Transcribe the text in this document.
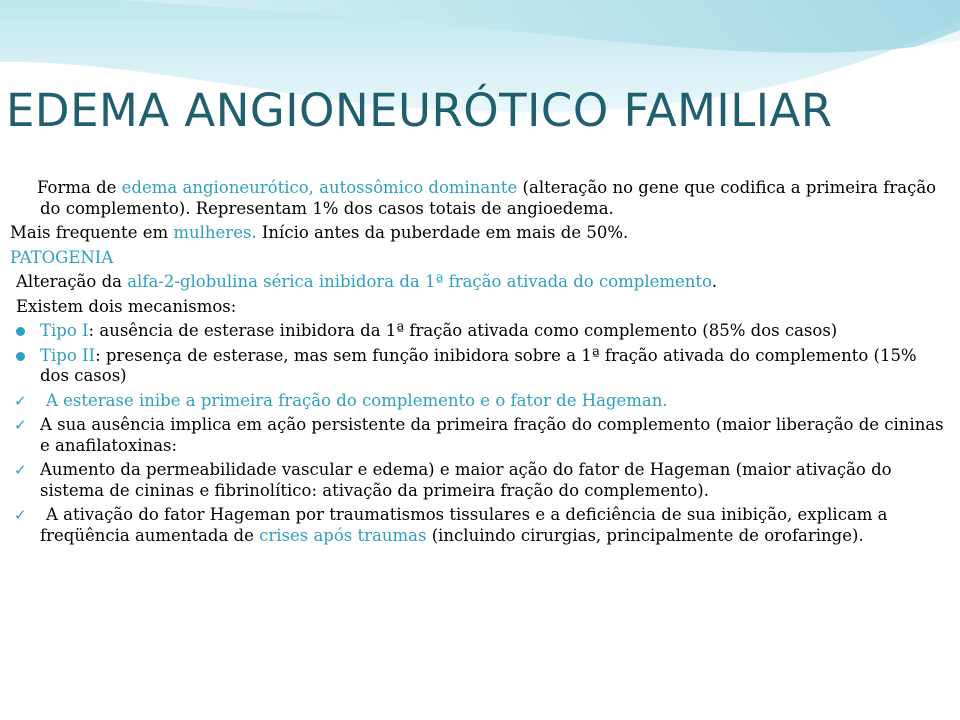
EDEMA ANGIONEURÓTICO FAMILIAR

Forma de edema angioneurótico, autossômico dominante (alteração no gene que codifica a primeira fração do complemento). Representam 1% dos casos totais de angioedema.

Mais frequente em mulheres. Início antes da puberdade em mais de 50%.

PATOGENIA

Alteração da alfa-2-globulina sérica inibidora da 1ª fração ativada do complemento.

Existem dois mecanismos:

Tipo I: ausência de esterase inibidora da 1ª fração ativada como complemento (85% dos casos)
Tipo II: presença de esterase, mas sem função inibidora sobre a 1ª fração ativada do complemento (15% dos casos)
✓ A esterase inibe a primeira fração do complemento e o fator de Hageman.
✓ A sua ausência implica em ação persistente da primeira fração do complemento (maior liberação de cininas e anafilatoxinas:
✓ Aumento da permeabilidade vascular e edema) e maior ação do fator de Hageman (maior ativação do sistema de cininas e fibrinolítico: ativação da primeira fração do complemento).
✓ A ativação do fator Hageman por traumatismos tissulares e a deficiência de sua inibição, explicam a freqüência aumentada de crises após traumas (incluindo cirurgias, principalmente de orofaringe).
